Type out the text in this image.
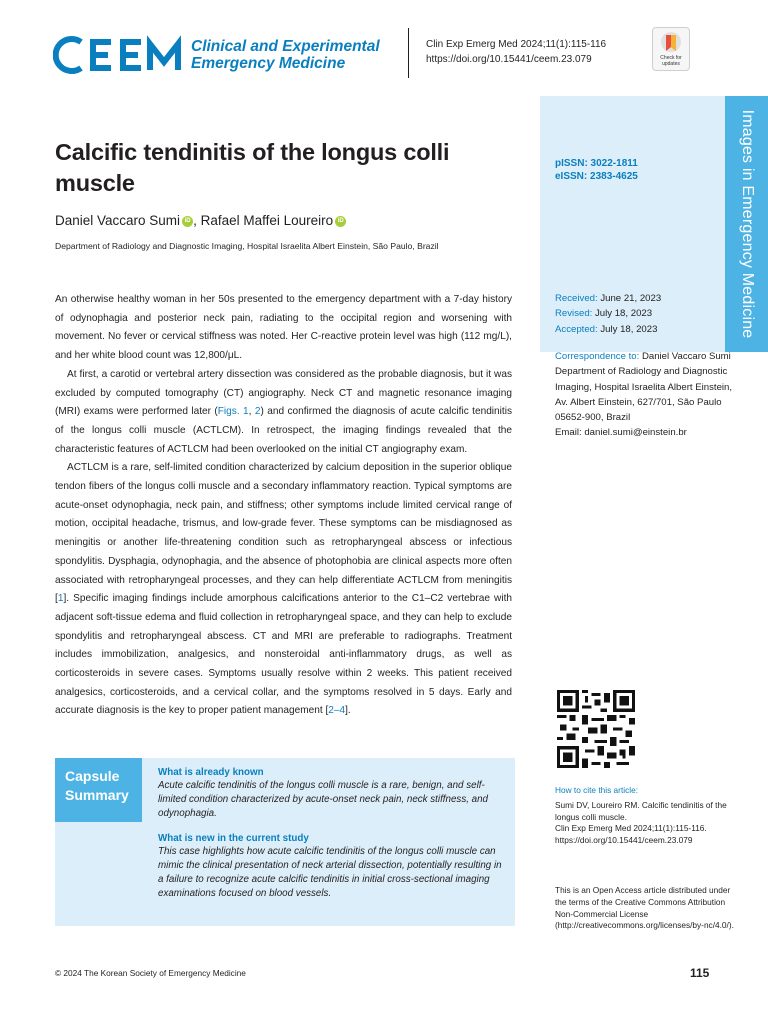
Clinical and Experimental
Emergency Medicine
Clin Exp Emerg Med 2024;11(1):115-116
https://doi.org/10.15441/ceem.23.079	Check for updates
Images in Emergency Medicine
pISSN: 3022-1811
eISSN: 2383-4625
Calcific tendinitis of the longus colli muscle
Daniel Vaccaro Sumi iD , Rafael Maffei Loureiro iD
Department of Radiology and Diagnostic Imaging, Hospital Israelita Albert Einstein, São Paulo, Brazil

An otherwise healthy woman in her 50s presented to the emergency department with a 7-day history of odynophagia and posterior neck pain, radiating to the occipital region and worsening with movement. No fever or cervical stiffness was noted. Her C-reactive protein level was high (112 mg/L), and her white blood count was 12,800/μL.

At first, a carotid or vertebral artery dissection was considered as the probable diagnosis, but it was excluded by computed tomography (CT) angiography. Neck CT and magnetic resonance imaging (MRI) exams were performed later (Figs. 1, 2) and confirmed the diagnosis of acute calcific tendinitis of the longus colli muscle (ACTLCM). In retrospect, the imaging findings revealed that the characteristic features of ACTLCM had been overlooked on the initial CT angiography exam.

ACTLCM is a rare, self-limited condition characterized by calcium deposition in the superior oblique tendon fibers of the longus colli muscle and a secondary inflammatory reaction. Typical symptoms are acute-onset odynophagia, neck pain, and stiffness; other symptoms include limited cervical range of motion, occipital headache, trismus, and low-grade fever. These symptoms can be misdiagnosed as meningitis or another life-threatening condition such as retropharyngeal abscess or infectious spondylitis. Dysphagia, odynophagia, and the absence of photophobia are clinical aspects more often associated with retropharyngeal processes, and they can help differentiate ACTLCM from meningitis [1]. Specific imaging findings include amorphous calcifications anterior to the C1–C2 vertebrae with adjacent soft-tissue edema and fluid collection in retropharyngeal space, and they can help to exclude spondylitis and retropharyngeal abscess. CT and MRI are preferable to radiographs. Treatment includes immobilization, analgesics, and nonsteroidal anti-inflammatory drugs, as well as corticosteroids in severe cases. Symptoms usually resolve within 2 weeks. This patient received analgesics, corticosteroids, and a cervical collar, and the symptoms resolved in 5 days. Early and accurate diagnosis is the key to proper patient management [2–4].

Received: June 21, 2023
Revised: July 18, 2023
Accepted: July 18, 2023
Correspondence to: Daniel Vaccaro Sumi Department of Radiology and Diagnostic Imaging, Hospital Israelita Albert Einstein, Av. Albert Einstein, 627/701, São Paulo 05652-900, Brazil
Email: daniel.sumi@einstein.br
How to cite this article:
Sumi DV, Loureiro RM. Calcific tendinitis of the longus colli muscle.
Clin Exp Emerg Med 2024;11(1):115-116.
https://doi.org/10.15441/ceem.23.079
This is an Open Access article distributed under the terms of the Creative Commons Attribution Non-Commercial License (http://creativecommons.org/licenses/by-nc/4.0/).
Capsule
Summary
What is already known
Acute calcific tendinitis of the longus colli muscle is a rare, benign, and self-limited condition characterized by acute-onset neck pain, neck stiffness, and odynophagia.
What is new in the current study
This case highlights how acute calcific tendinitis of the longus colli muscle can mimic the clinical presentation of neck arterial dissection, potentially resulting in a failure to recognize acute calcific tendinitis in initial cross-sectional imaging examinations focused on blood vessels.
© 2024 The Korean Society of Emergency Medicine	115
